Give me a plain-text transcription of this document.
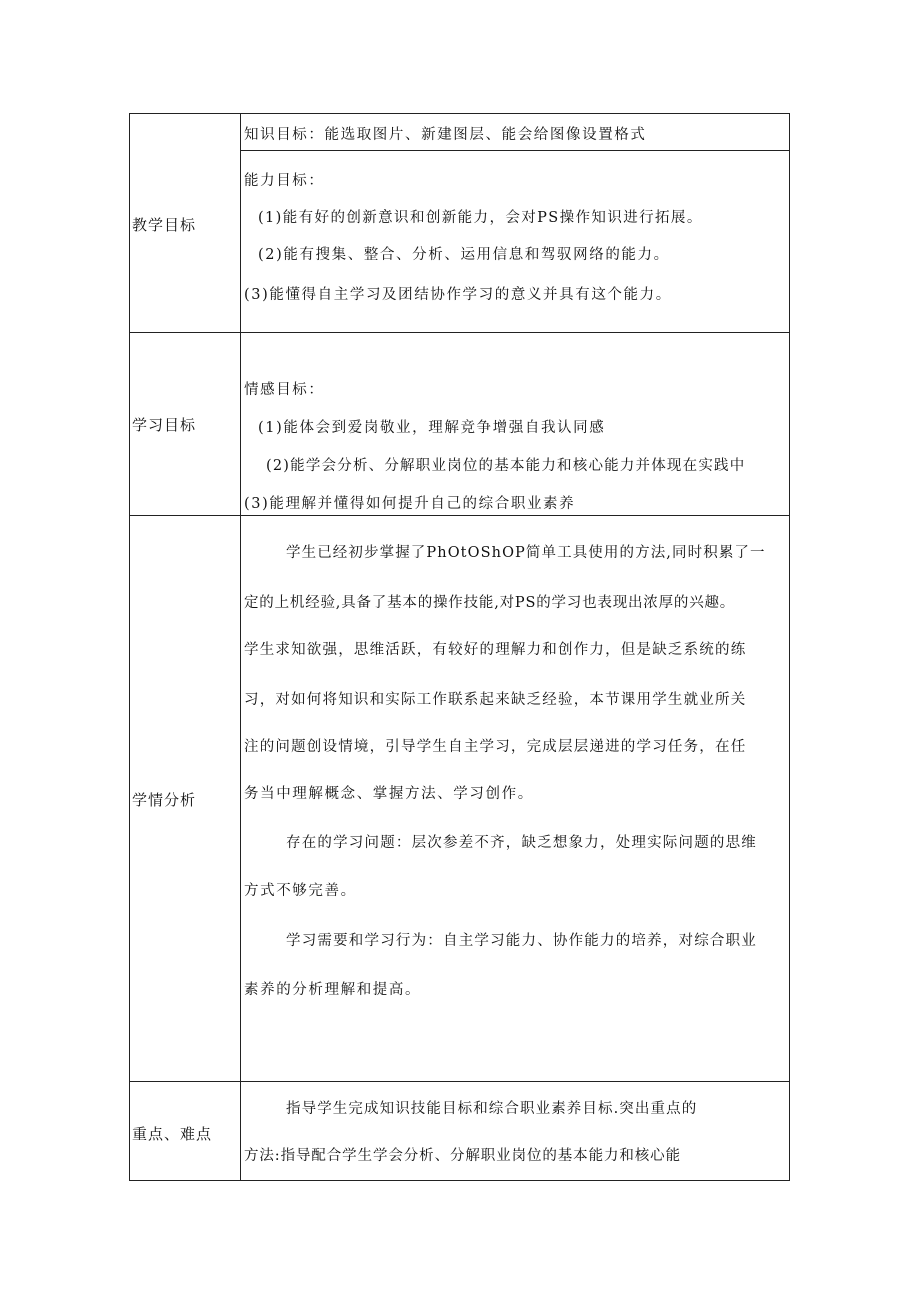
教学目标
知识目标：能选取图片、新建图层、能会给图像设置格式
能力目标：
(1)能有好的创新意识和创新能力，会对PS操作知识进行拓展。
(2)能有搜集、整合、分析、运用信息和驾驭网络的能力。
(3)能懂得自主学习及团结协作学习的意义并具有这个能力。
学习目标
情感目标：
(1)能体会到爱岗敬业，理解竞争增强自我认同感
(2)能学会分析、分解职业岗位的基本能力和核心能力并体现在实践中
(3)能理解并懂得如何提升自己的综合职业素养
学情分析
学生已经初步掌握了PhOtOShOP简单工具使用的方法,同时积累了一
定的上机经验,具备了基本的操作技能,对PS的学习也表现出浓厚的兴趣。
学生求知欲强，思维活跃，有较好的理解力和创作力，但是缺乏系统的练
习，对如何将知识和实际工作联系起来缺乏经验，本节课用学生就业所关
注的问题创设情境，引导学生自主学习，完成层层递进的学习任务，在任
务当中理解概念、掌握方法、学习创作。
存在的学习问题：层次参差不齐，缺乏想象力，处理实际问题的思维
方式不够完善。
学习需要和学习行为：自主学习能力、协作能力的培养，对综合职业
素养的分析理解和提高。
重点、难点
指导学生完成知识技能目标和综合职业素养目标.突出重点的
方法:指导配合学生学会分析、分解职业岗位的基本能力和核心能
